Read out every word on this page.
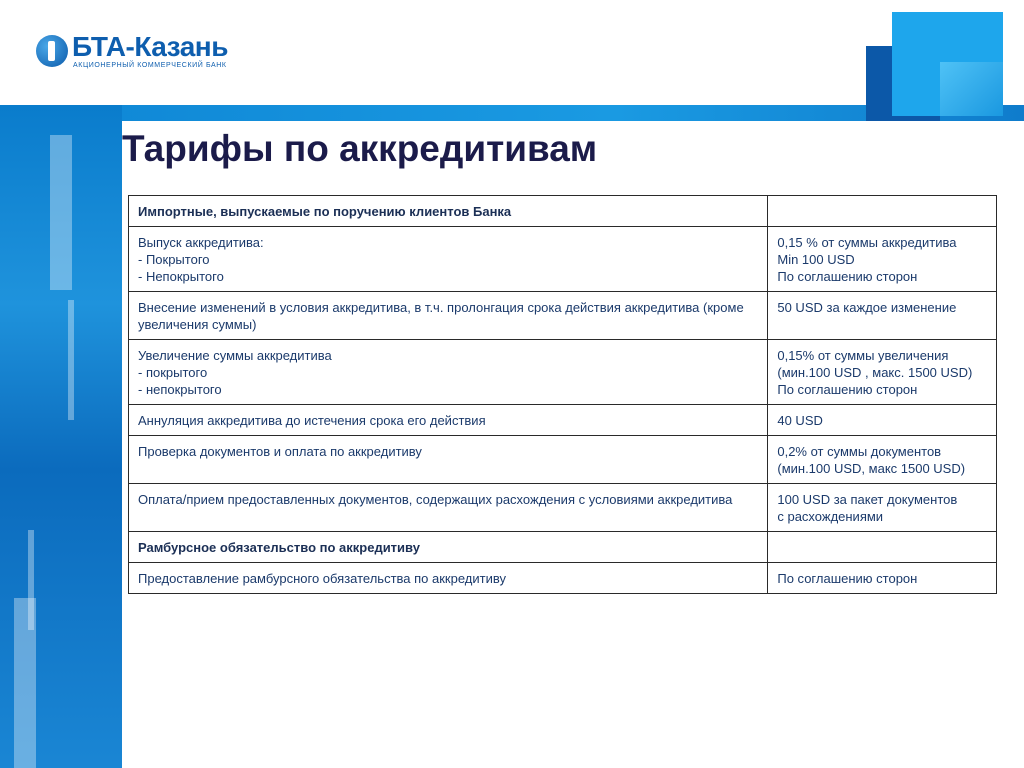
БТА-Казань
АКЦИОНЕРНЫЙ КОММЕРЧЕСКИЙ БАНК
Тарифы по аккредитивам
Импортные, выпускаемые по поручению клиентов Банка	
Выпуск аккредитива:
- Покрытого
- Непокрытого	0,15 % от суммы аккредитива
Min 100 USD
По соглашению сторон
Внесение изменений в условия аккредитива, в т.ч. пролонгация срока действия аккредитива (кроме увеличения суммы)	50 USD за каждое изменение
Увеличение суммы аккредитива
- покрытого
- непокрытого	0,15% от суммы увеличения
(мин.100 USD , макс. 1500 USD)
По соглашению сторон
Аннуляция аккредитива до истечения срока его действия	40 USD
Проверка документов и оплата по аккредитиву	0,2% от суммы документов
(мин.100 USD, макс 1500 USD)
Оплата/прием предоставленных документов, содержащих расхождения с условиями аккредитива	100 USD за пакет документов
с расхождениями
Рамбурсное обязательство по аккредитиву	
Предоставление рамбурсного обязательства по аккредитиву	По соглашению сторон
